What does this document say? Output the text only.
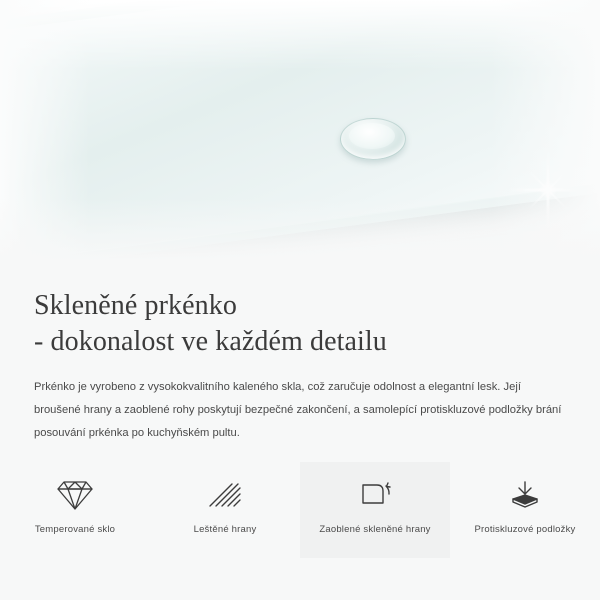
Skleněné prkénko
- dokonalost ve každém detailu

Prkénko je vyrobeno z vysokokvalitního kaleného skla, což zaručuje odolnost a elegantní lesk. Její broušené hrany a zaoblené rohy poskytují bezpečné zakončení, a samolepící protiskluzové podložky brání posouvání prkénka po kuchyňském pultu.

Temperované sklo	Leštěné hrany	Zaoblené skleněné hrany	Protiskluzové podložky
